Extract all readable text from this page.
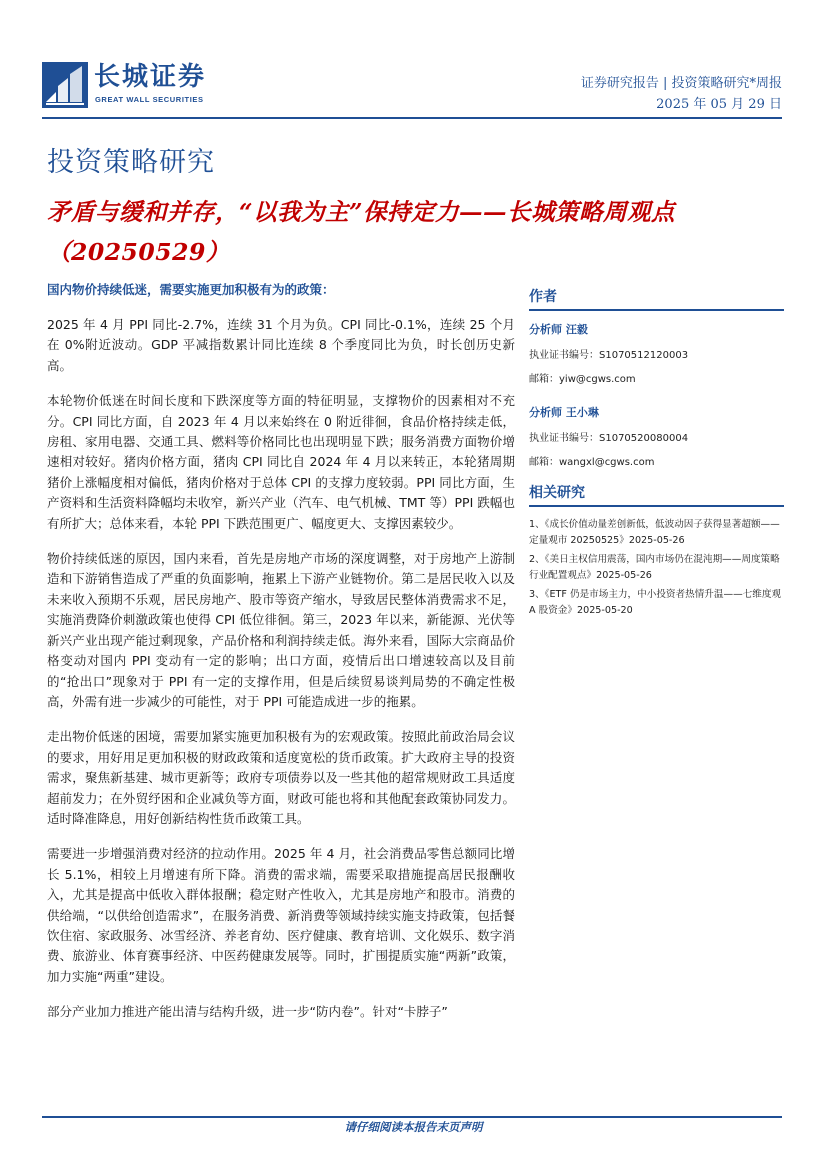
长城证券
GREAT WALL SECURITIES
证券研究报告 | 投资策略研究*周报
2025 年 05 月 29 日
投资策略研究
矛盾与缓和并存，“以我为主”保持定力——长城策略周观点（20250529）
国内物价持续低迷，需要实施更加积极有为的政策：

2025 年 4 月 PPI 同比-2.7%，连续 31 个月为负。CPI 同比-0.1%，连续 25 个月在 0%附近波动。GDP 平减指数累计同比连续 8 个季度同比为负，时长创历史新高。

本轮物价低迷在时间长度和下跌深度等方面的特征明显，支撑物价的因素相对不充分。CPI 同比方面，自 2023 年 4 月以来始终在 0 附近徘徊，食品价格持续走低，房租、家用电器、交通工具、燃料等价格同比也出现明显下跌；服务消费方面物价增速相对较好。猪肉价格方面，猪肉 CPI 同比自 2024 年 4 月以来转正，本轮猪周期猪价上涨幅度相对偏低，猪肉价格对于总体 CPI 的支撑力度较弱。PPI 同比方面，生产资料和生活资料降幅均未收窄，新兴产业（汽车、电气机械、TMT 等）PPI 跌幅也有所扩大；总体来看，本轮 PPI 下跌范围更广、幅度更大、支撑因素较少。

物价持续低迷的原因，国内来看，首先是房地产市场的深度调整，对于房地产上游制造和下游销售造成了严重的负面影响，拖累上下游产业链物价。第二是居民收入以及未来收入预期不乐观，居民房地产、股市等资产缩水，导致居民整体消费需求不足，实施消费降价刺激政策也使得 CPI 低位徘徊。第三，2023 年以来，新能源、光伏等新兴产业出现产能过剩现象，产品价格和利润持续走低。海外来看，国际大宗商品价格变动对国内 PPI 变动有一定的影响；出口方面，疫情后出口增速较高以及目前的“抢出口”现象对于 PPI 有一定的支撑作用，但是后续贸易谈判局势的不确定性极高，外需有进一步减少的可能性，对于 PPI 可能造成进一步的拖累。

走出物价低迷的困境，需要加紧实施更加积极有为的宏观政策。按照此前政治局会议的要求，用好用足更加积极的财政政策和适度宽松的货币政策。扩大政府主导的投资需求，聚焦新基建、城市更新等；政府专项债券以及一些其他的超常规财政工具适度超前发力；在外贸纾困和企业减负等方面，财政可能也将和其他配套政策协同发力。适时降准降息，用好创新结构性货币政策工具。

需要进一步增强消费对经济的拉动作用。2025 年 4 月，社会消费品零售总额同比增长 5.1%，相较上月增速有所下降。消费的需求端，需要采取措施提高居民报酬收入，尤其是提高中低收入群体报酬；稳定财产性收入，尤其是房地产和股市。消费的供给端，“以供给创造需求”，在服务消费、新消费等领域持续实施支持政策，包括餐饮住宿、家政服务、冰雪经济、养老育幼、医疗健康、教育培训、文化娱乐、数字消费、旅游业、体育赛事经济、中医药健康发展等。同时，扩围提质实施“两新”政策，加力实施“两重”建设。

部分产业加力推进产能出清与结构升级，进一步“防内卷”。针对“卡脖子”

作者
分析师 汪毅
执业证书编号：S1070512120003
邮箱：yiw@cgws.com
分析师 王小琳
执业证书编号：S1070520080004
邮箱：wangxl@cgws.com
相关研究
1、《成长价值动量差创新低，低波动因子获得显著超额——定量观市 20250525》2025-05-26
2、《美日主权信用震荡，国内市场仍在混沌期——周度策略行业配置观点》2025-05-26
3、《ETF 仍是市场主力，中小投资者热情升温——七维度观 A 股资金》2025-05-20
请仔细阅读本报告末页声明
